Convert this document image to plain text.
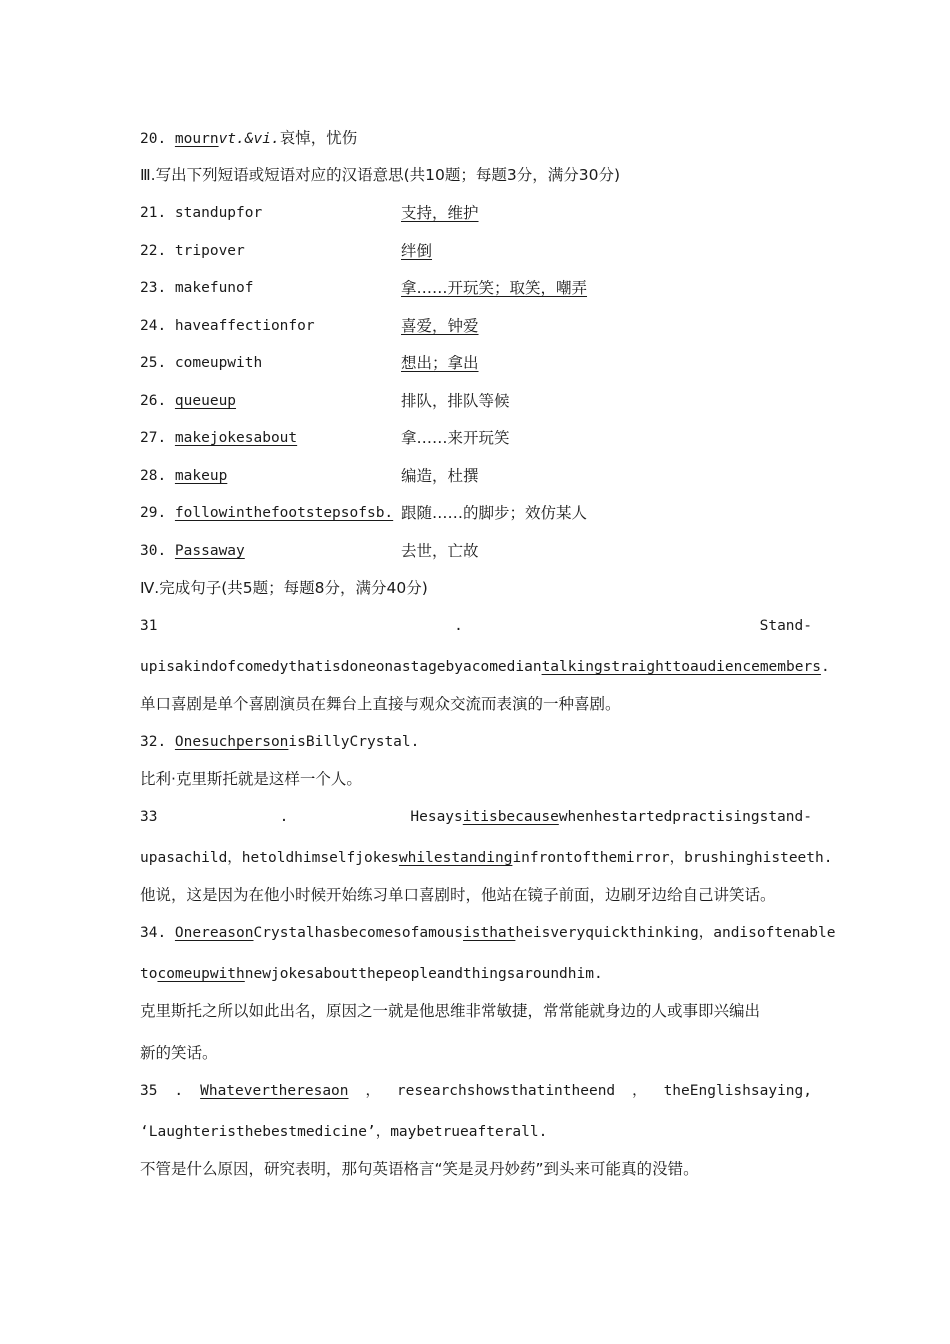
20. mournvt.&vi.哀悼，忧伤
Ⅲ.写出下列短语或短语对应的汉语意思(共10题；每题3分，满分30分)
21. standupfor	支持，维护
22. tripover	绊倒
23. makefunof	拿……开玩笑；取笑，嘲弄
24. haveaffectionfor	喜爱，钟爱
25. comeupwith	想出；拿出
26. queueup	排队，排队等候
27. makejokesabout	拿……来开玩笑
28. makeup	编造，杜撰
29. followinthefootstepsofsb. 跟随……的脚步；效仿某人
30. Passaway	去世，亡故
Ⅳ.完成句子(共5题；每题8分，满分40分)
31	.	Stand-
upisakindofcomedythatisdoneonastagebyacomediantalkingstraighttoaudiencemembers.
单口喜剧是单个喜剧演员在舞台上直接与观众交流而表演的一种喜剧。
32. OnesuchpersonisBillyCrystal.
比利·克里斯托就是这样一个人。
33	.	Hesaysitisbecausewhenhestartedpractisingstand-
upasachild，hetoldhimselfjokeswhilestandinginfrontofthemirror，brushinghisteeth.
他说，这是因为在他小时候开始练习单口喜剧时，他站在镜子前面，边刷牙边给自己讲笑话。
34. OnereasonCrystalhasbecomesofamousisthatheisveryquickthinking，andisoftenable
tocomeupwithnewjokesaboutthepeopleandthingsaroundhim.
克里斯托之所以如此出名，原因之一就是他思维非常敏捷，常常能就身边的人或事即兴编出
新的笑话。
35 . Whatevertheresaon ， researchshowsthatintheend ， theEnglishsaying,
‘Laughteristhebestmedicine’，maybetrueafterall.
不管是什么原因，研究表明，那句英语格言“笑是灵丹妙药”到头来可能真的没错。
